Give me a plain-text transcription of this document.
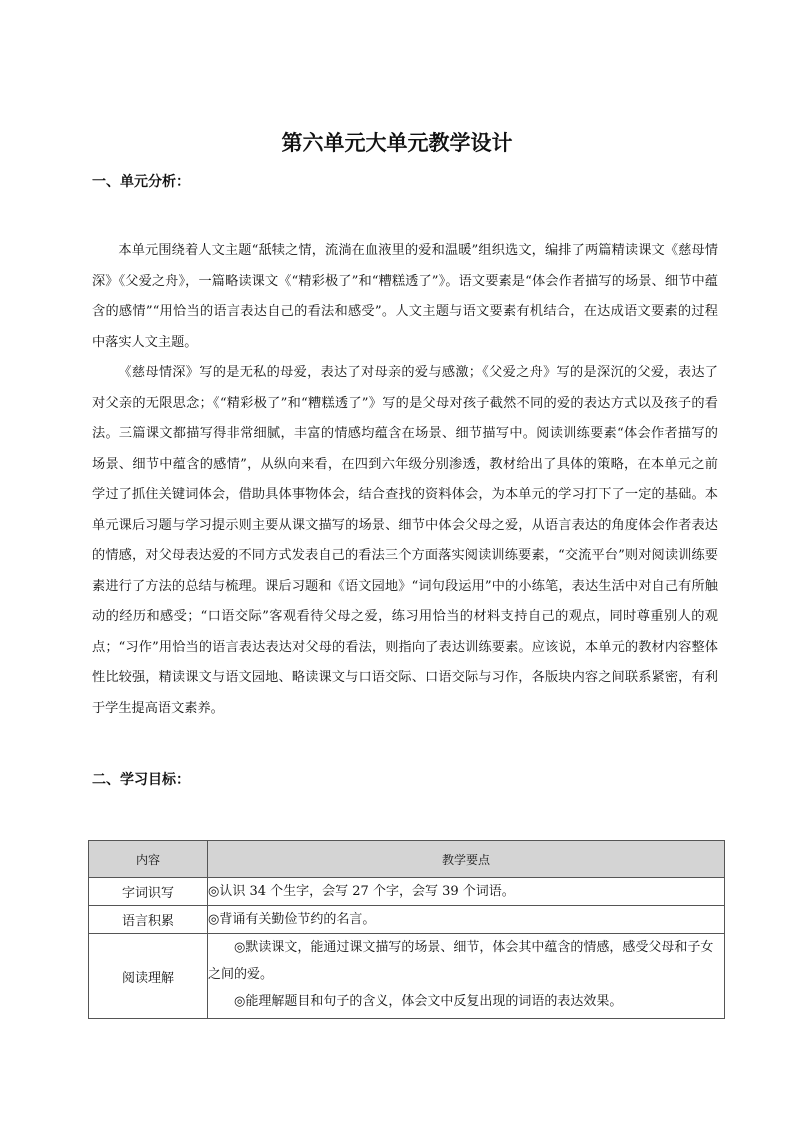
第六单元大单元教学设计
一、单元分析：

本单元围绕着人文主题“舐犊之情，流淌在血液里的爱和温暖”组织选文，编排了两篇精读课文《慈母情深》《父爱之舟》，一篇略读课文《“精彩极了”和“糟糕透了”》。语文要素是“体会作者描写的场景、细节中蕴含的感情”“用恰当的语言表达自己的看法和感受”。人文主题与语文要素有机结合，在达成语文要素的过程中落实人文主题。

《慈母情深》写的是无私的母爱，表达了对母亲的爱与感激；《父爱之舟》写的是深沉的父爱，表达了对父亲的无限思念；《“精彩极了”和“糟糕透了”》写的是父母对孩子截然不同的爱的表达方式以及孩子的看法。三篇课文都描写得非常细腻，丰富的情感均蕴含在场景、细节描写中。阅读训练要素“体会作者描写的场景、细节中蕴含的感情”，从纵向来看，在四到六年级分别渗透，教材给出了具体的策略，在本单元之前学过了抓住关键词体会，借助具体事物体会，结合查找的资料体会，为本单元的学习打下了一定的基础。本单元课后习题与学习提示则主要从课文描写的场景、细节中体会父母之爱，从语言表达的角度体会作者表达的情感，对父母表达爱的不同方式发表自己的看法三个方面落实阅读训练要素，“交流平台”则对阅读训练要素进行了方法的总结与梳理。课后习题和《语文园地》“词句段运用”中的小练笔，表达生活中对自己有所触动的经历和感受；“口语交际”客观看待父母之爱，练习用恰当的材料支持自己的观点，同时尊重别人的观点；“习作”用恰当的语言表达表达对父母的看法，则指向了表达训练要素。应该说，本单元的教材内容整体性比较强，精读课文与语文园地、略读课文与口语交际、口语交际与习作，各版块内容之间联系紧密，有利于学生提高语文素养。

二、学习目标：
内容	教学要点
字词识写	◎认识 34 个生字，会写 27 个字，会写 39 个词语。

语言积累	◎背诵有关勤俭节约的名言。

阅读理解	◎默读课文，能通过课文描写的场景、细节，体会其中蕴含的情感，感受父母和子女之间的爱。
◎能理解题目和句子的含义，体会文中反复出现的词语的表达效果。
